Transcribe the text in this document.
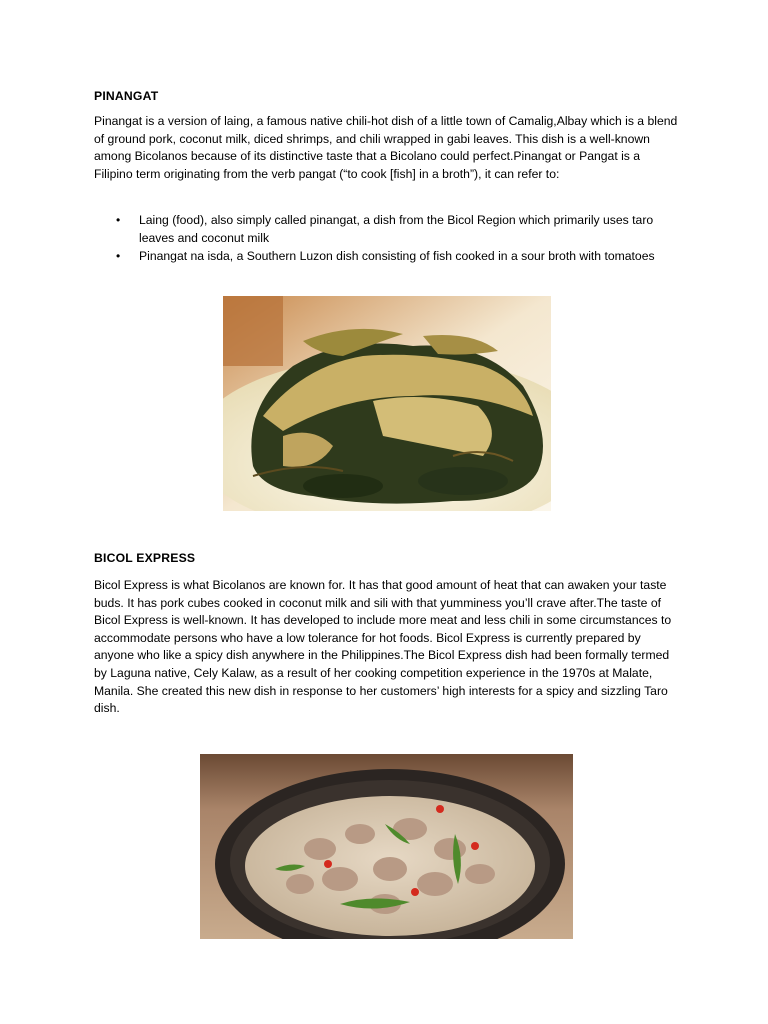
PINANGAT

Pinangat is a version of laing, a famous native chili-hot dish of a little town of Camalig,Albay which is a blend of ground pork, coconut milk, diced shrimps, and chili wrapped in gabi leaves. This dish is a well-known among Bicolanos because of its distinctive taste that a Bicolano could perfect.Pinangat or Pangat is a Filipino term originating from the verb pangat (“to cook [fish] in a broth”), it can refer to:

• Laing (food), also simply called pinangat, a dish from the Bicol Region which primarily uses taro leaves and coconut milk
• Pinangat na isda, a Southern Luzon dish consisting of fish cooked in a sour broth with tomatoes
BICOL EXPRESS

Bicol Express is what Bicolanos are known for. It has that good amount of heat that can awaken your taste buds. It has pork cubes cooked in coconut milk and sili with that yumminess you’ll crave after.The taste of Bicol Express is well-known. It has developed to include more meat and less chili in some circumstances to accommodate persons who have a low tolerance for hot foods. Bicol Express is currently prepared by anyone who like a spicy dish anywhere in the Philippines.The Bicol Express dish had been formally termed by Laguna native, Cely Kalaw, as a result of her cooking competition experience in the 1970s at Malate, Manila. She created this new dish in response to her customers’ high interests for a spicy and sizzling Taro dish.
